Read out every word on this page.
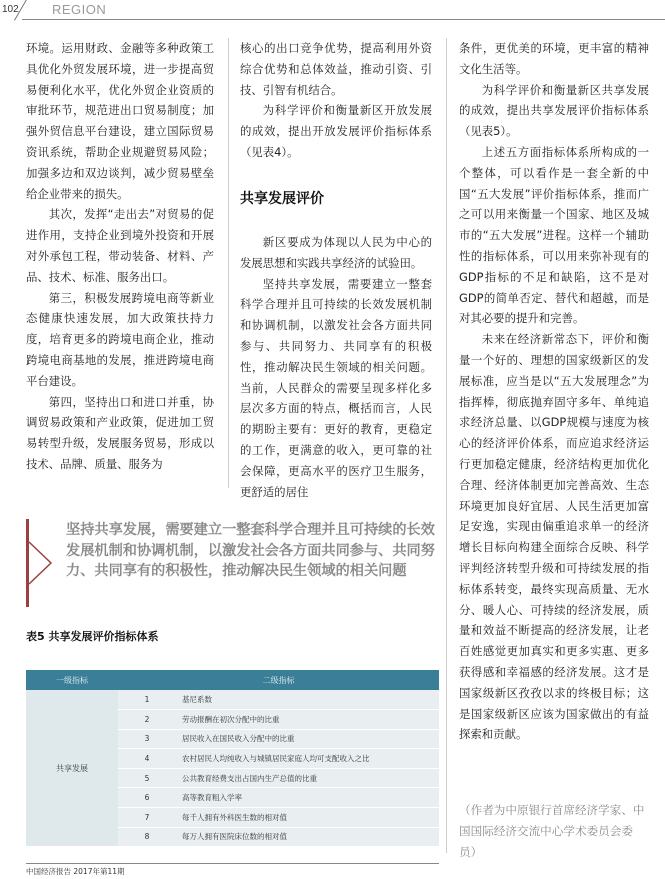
102	REGION

环境。运用财政、金融等多种政策工具优化外贸发展环境，进一步提高贸易便利化水平，优化外贸企业资质的审批环节，规范进出口贸易制度；加强外贸信息平台建设，建立国际贸易资讯系统，帮助企业规避贸易风险；加强多边和双边谈判，减少贸易壁垒给企业带来的损失。

其次，发挥“走出去”对贸易的促进作用，支持企业到境外投资和开展对外承包工程，带动装备、材料、产品、技术、标准、服务出口。

第三，积极发展跨境电商等新业态健康快速发展，加大政策扶持力度，培育更多的跨境电商企业，推动跨境电商基地的发展，推进跨境电商平台建设。

第四，坚持出口和进口并重，协调贸易政策和产业政策，促进加工贸易转型升级，发展服务贸易，形成以技术、品牌、质量、服务为

核心的出口竞争优势，提高利用外资综合优势和总体效益，推动引资、引技、引智有机结合。

为科学评价和衡量新区开放发展的成效，提出开放发展评价指标体系（见表4）。

共享发展评价

新区要成为体现以人民为中心的发展思想和实践共享经济的试验田。

坚持共享发展，需要建立一整套科学合理并且可持续的长效发展机制和协调机制，以激发社会各方面共同参与、共同努力、共同享有的积极性，推动解决民生领域的相关问题。当前，人民群众的需要呈现多样化多层次多方面的特点，概括而言，人民的期盼主要有：更好的教育，更稳定的工作，更满意的收入，更可靠的社会保障，更高水平的医疗卫生服务，更舒适的居住

条件，更优美的环境，更丰富的精神文化生活等。

为科学评价和衡量新区共享发展的成效，提出共享发展评价指标体系（见表5）。

上述五方面指标体系所构成的一个整体，可以看作是一套全新的中国“五大发展”评价指标体系，推而广之可以用来衡量一个国家、地区及城市的“五大发展”进程。这样一个辅助性的指标体系，可以用来弥补现有的GDP指标的不足和缺陷，这不是对GDP的简单否定、替代和超越，而是对其必要的提升和完善。

未来在经济新常态下，评价和衡量一个好的、理想的国家级新区的发展标准，应当是以“五大发展理念”为指挥棒，彻底抛弃固守多年、单纯追求经济总量、以GDP规模与速度为核心的经济评价体系，而应追求经济运行更加稳定健康，经济结构更加优化合理、经济体制更加完善高效、生态环境更加良好宜居、人民生活更加富足安逸，实现由偏重追求单一的经济增长目标向构建全面综合反映、科学评判经济转型升级和可持续发展的指标体系转变，最终实现高质量、无水分、暖人心、可持续的经济发展，质量和效益不断提高的经济发展，让老百姓感觉更加真实和更多实惠、更多获得感和幸福感的经济发展。这才是国家级新区孜孜以求的终极目标；这是国家级新区应该为国家做出的有益探索和贡献。

（作者为中原银行首席经济学家、中国国际经济交流中心学术委员会委员）
坚持共享发展，需要建立一整套科学合理并且可持续的长效发展机制和协调机制，以激发社会各方面共同参与、共同努力、共同享有的积极性，推动解决民生领域的相关问题
表5 共享发展评价指标体系
一级指标	二级指标	
共享发展	1	基尼系数
	2	劳动报酬在初次分配中的比重
	3	居民收入在国民收入分配中的比重
	4	农村居民人均纯收入与城镇居民家庭人均可支配收入之比
	5	公共教育经费支出占国内生产总值的比重
	6	高等教育粗入学率
	7	每千人拥有外科医生数的相对值
	8	每万人拥有医院床位数的相对值
中国经济报告 2017年第11期
